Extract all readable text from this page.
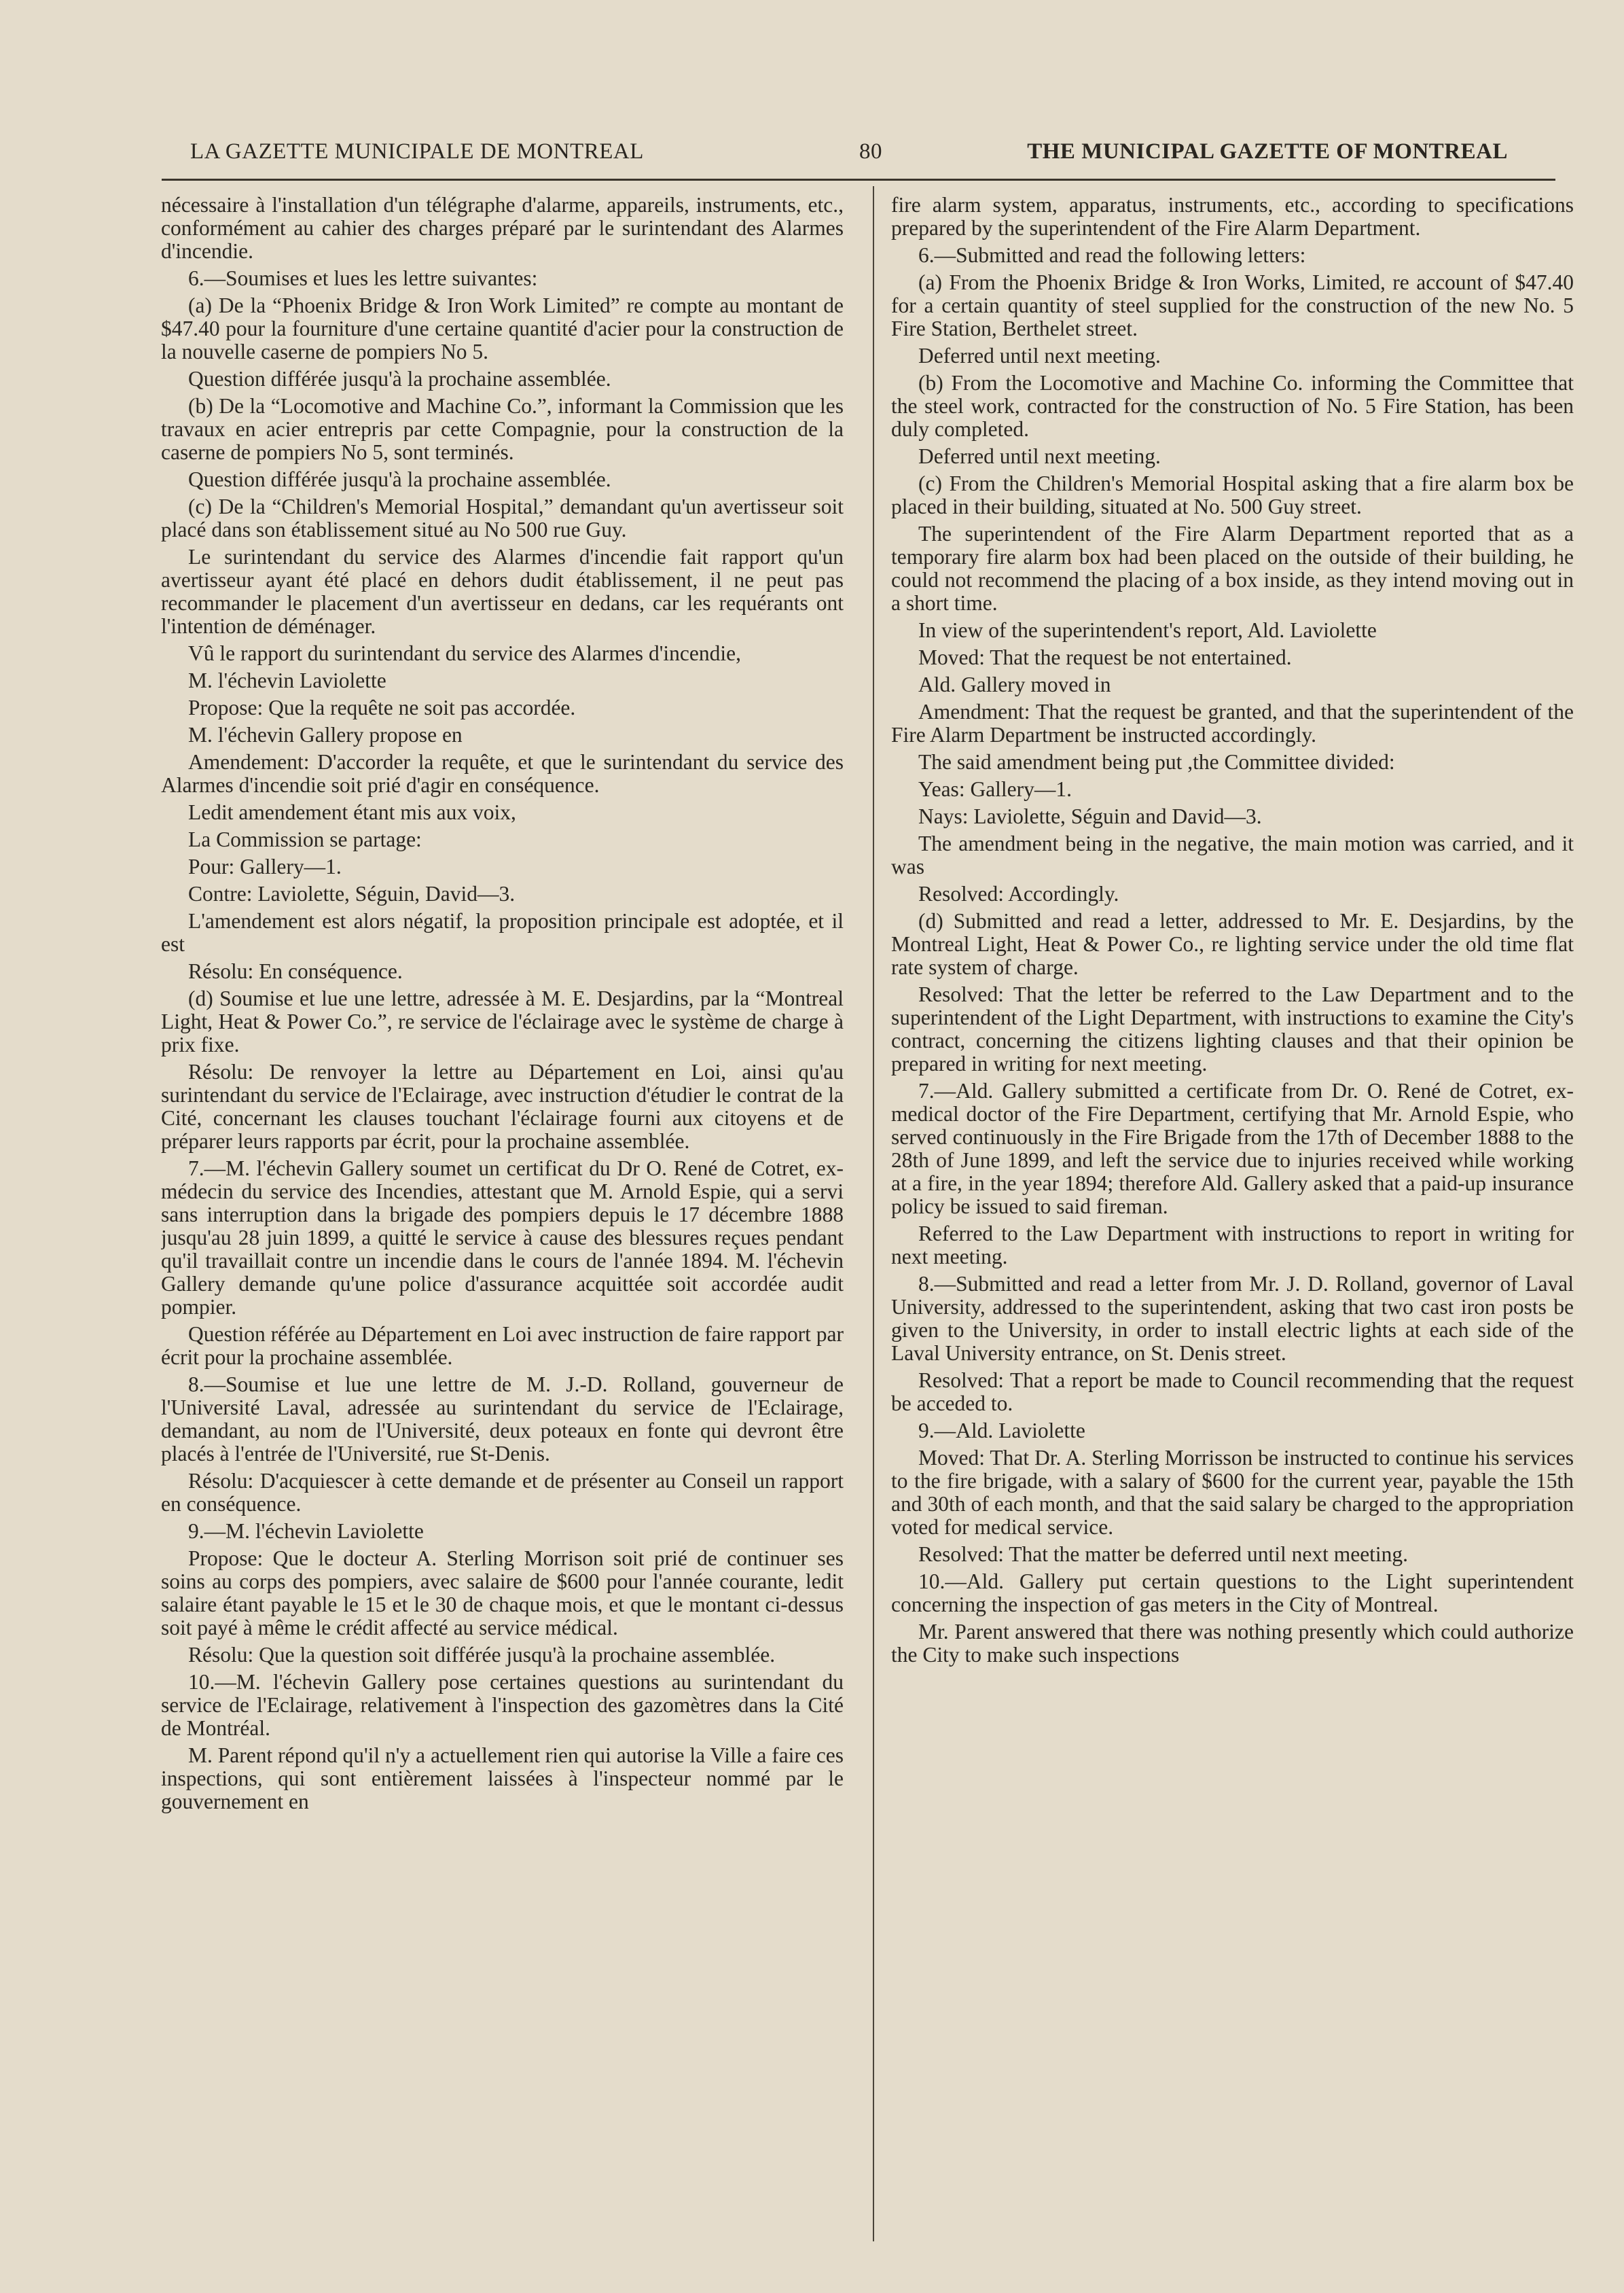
LA GAZETTE MUNICIPALE DE MONTREAL	80	THE MUNICIPAL GAZETTE OF MONTREAL

nécessaire à l'installation d'un télégraphe d'alarme, appareils, instruments, etc., conformément au cahier des charges préparé par le surintendant des Alarmes d'incendie.

6.—Soumises et lues les lettre suivantes:

(a) De la “Phoenix Bridge & Iron Work Limited” re compte au montant de $47.40 pour la fourniture d'une certaine quantité d'acier pour la construction de la nouvelle caserne de pompiers No 5.

Question différée jusqu'à la prochaine assemblée.

(b) De la “Locomotive and Machine Co.”, informant la Commission que les travaux en acier entrepris par cette Compagnie, pour la construction de la caserne de pompiers No 5, sont terminés.

Question différée jusqu'à la prochaine assemblée.

(c) De la “Children's Memorial Hospital,” demandant qu'un avertisseur soit placé dans son établissement situé au No 500 rue Guy.

Le surintendant du service des Alarmes d'incendie fait rapport qu'un avertisseur ayant été placé en dehors dudit établissement, il ne peut pas recommander le placement d'un avertisseur en dedans, car les requérants ont l'intention de déménager.

Vû le rapport du surintendant du service des Alarmes d'incendie,

M. l'échevin Laviolette

Propose: Que la requête ne soit pas accordée.

M. l'échevin Gallery propose en

Amendement: D'accorder la requête, et que le surintendant du service des Alarmes d'incendie soit prié d'agir en conséquence.

Ledit amendement étant mis aux voix,

La Commission se partage:

Pour: Gallery—1.

Contre: Laviolette, Séguin, David—3.

L'amendement est alors négatif, la proposition principale est adoptée, et il est

Résolu: En conséquence.

(d) Soumise et lue une lettre, adressée à M. E. Desjardins, par la “Montreal Light, Heat & Power Co.”, re service de l'éclairage avec le système de charge à prix fixe.

Résolu: De renvoyer la lettre au Département en Loi, ainsi qu'au surintendant du service de l'Eclairage, avec instruction d'étudier le contrat de la Cité, concernant les clauses touchant l'éclairage fourni aux citoyens et de préparer leurs rapports par écrit, pour la prochaine assemblée.

7.—M. l'échevin Gallery soumet un certificat du Dr O. René de Cotret, ex-médecin du service des Incendies, attestant que M. Arnold Espie, qui a servi sans interruption dans la brigade des pompiers depuis le 17 décembre 1888 jusqu'au 28 juin 1899, a quitté le service à cause des blessures reçues pendant qu'il travaillait contre un incendie dans le cours de l'année 1894. M. l'échevin Gallery demande qu'une police d'assurance acquittée soit accordée audit pompier.

Question référée au Département en Loi avec instruction de faire rapport par écrit pour la prochaine assemblée.

8.—Soumise et lue une lettre de M. J.-D. Rolland, gouverneur de l'Université Laval, adressée au surintendant du service de l'Eclairage, demandant, au nom de l'Université, deux poteaux en fonte qui devront être placés à l'entrée de l'Université, rue St-Denis.

Résolu: D'acquiescer à cette demande et de présenter au Conseil un rapport en conséquence.

9.—M. l'échevin Laviolette

Propose: Que le docteur A. Sterling Morrison soit prié de continuer ses soins au corps des pompiers, avec salaire de $600 pour l'année courante, ledit salaire étant payable le 15 et le 30 de chaque mois, et que le montant ci-dessus soit payé à même le crédit affecté au service médical.

Résolu: Que la question soit différée jusqu'à la prochaine assemblée.

10.—M. l'échevin Gallery pose certaines questions au surintendant du service de l'Eclairage, relativement à l'inspection des gazomètres dans la Cité de Montréal.

M. Parent répond qu'il n'y a actuellement rien qui autorise la Ville a faire ces inspections, qui sont entièrement laissées à l'inspecteur nommé par le gouvernement en

fire alarm system, apparatus, instruments, etc., according to specifications prepared by the superintendent of the Fire Alarm Department.

6.—Submitted and read the following letters:

(a) From the Phoenix Bridge & Iron Works, Limited, re account of $47.40 for a certain quantity of steel supplied for the construction of the new No. 5 Fire Station, Berthelet street.

Deferred until next meeting.

(b) From the Locomotive and Machine Co. informing the Committee that the steel work, contracted for the construction of No. 5 Fire Station, has been duly completed.

Deferred until next meeting.

(c) From the Children's Memorial Hospital asking that a fire alarm box be placed in their building, situated at No. 500 Guy street.

The superintendent of the Fire Alarm Department reported that as a temporary fire alarm box had been placed on the outside of their building, he could not recommend the placing of a box inside, as they intend moving out in a short time.

In view of the superintendent's report, Ald. Laviolette

Moved: That the request be not entertained.

Ald. Gallery moved in

Amendment: That the request be granted, and that the superintendent of the Fire Alarm Department be instructed accordingly.

The said amendment being put ,the Committee divided:

Yeas: Gallery—1.

Nays: Laviolette, Séguin and David—3.

The amendment being in the negative, the main motion was carried, and it was

Resolved: Accordingly.

(d) Submitted and read a letter, addressed to Mr. E. Desjardins, by the Montreal Light, Heat & Power Co., re lighting service under the old time flat rate system of charge.

Resolved: That the letter be referred to the Law Department and to the superintendent of the Light Department, with instructions to examine the City's contract, concerning the citizens lighting clauses and that their opinion be prepared in writing for next meeting.

7.—Ald. Gallery submitted a certificate from Dr. O. René de Cotret, ex-medical doctor of the Fire Department, certifying that Mr. Arnold Espie, who served continuously in the Fire Brigade from the 17th of December 1888 to the 28th of June 1899, and left the service due to injuries received while working at a fire, in the year 1894; therefore Ald. Gallery asked that a paid-up insurance policy be issued to said fireman.

Referred to the Law Department with instructions to report in writing for next meeting.

8.—Submitted and read a letter from Mr. J. D. Rolland, governor of Laval University, addressed to the superintendent, asking that two cast iron posts be given to the University, in order to install electric lights at each side of the Laval University entrance, on St. Denis street.

Resolved: That a report be made to Council recommending that the request be acceded to.

9.—Ald. Laviolette

Moved: That Dr. A. Sterling Morrisson be instructed to continue his services to the fire brigade, with a salary of $600 for the current year, payable the 15th and 30th of each month, and that the said salary be charged to the appropriation voted for medical service.

Resolved: That the matter be deferred until next meeting.

10.—Ald. Gallery put certain questions to the Light superintendent concerning the inspection of gas meters in the City of Montreal.

Mr. Parent answered that there was nothing presently which could authorize the City to make such inspections
